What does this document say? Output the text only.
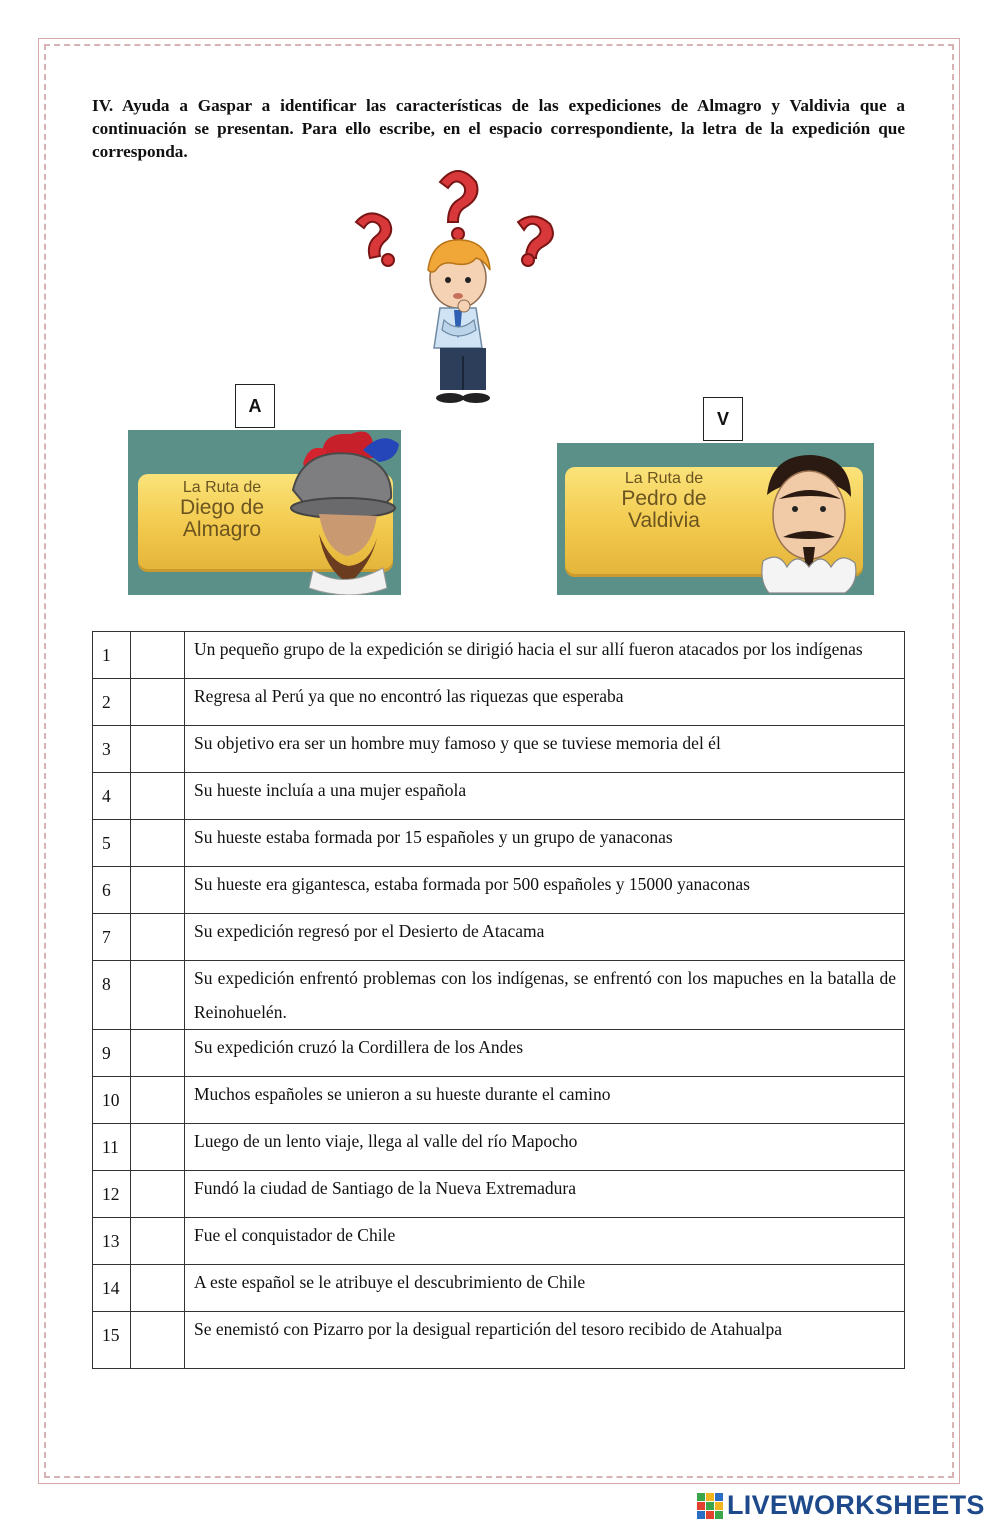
IV. Ayuda a Gaspar a identificar las características de las expediciones de Almagro y Valdivia que a continuación se presentan. Para ello escribe, en el espacio correspondiente, la letra de la expedición que corresponda.

A
V
La Ruta de
Diego de
Almagro
La Ruta de
Pedro de
Valdivia
1		Un pequeño grupo de la expedición se dirigió hacia el sur allí fueron atacados por los indígenas
2		Regresa al Perú ya que no encontró las riquezas que esperaba
3		Su objetivo era ser un hombre muy famoso y que se tuviese memoria del él
4		Su hueste incluía a una mujer española
5		Su hueste estaba formada por 15 españoles y un grupo de yanaconas
6		Su hueste era gigantesca, estaba formada por 500 españoles y 15000 yanaconas
7		Su expedición regresó por el Desierto de Atacama
8		Su expedición enfrentó problemas con los indígenas, se enfrentó con los mapuches en la batalla de Reinohuelén.
9		Su expedición cruzó la Cordillera de los Andes
10		Muchos españoles se unieron a su hueste durante el camino
11		Luego de un lento viaje, llega al valle del río Mapocho
12		Fundó la ciudad de Santiago de la Nueva Extremadura
13		Fue el conquistador de Chile
14		A este español se le atribuye el descubrimiento de Chile
15		Se enemistó con Pizarro por la desigual repartición del tesoro recibido de Atahualpa
LIVEWORKSHEETS
